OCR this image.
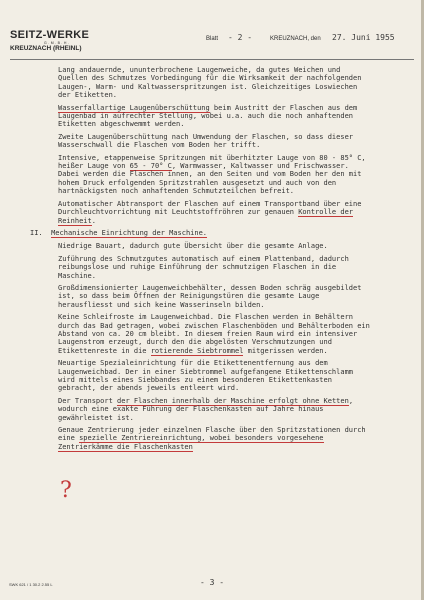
SEITZ-WERKE
G.M.B.H.
KREUZNACH (RHEINL)
Blatt - 2 -	KREUZNACH, den 27. Juni 1955

Lang andauernde, ununterbrochene Laugenweiche, da gutes Weichen und Quellen des Schmutzes Vorbedingung für die Wirksamkeit der nachfolgenden Laugen-, Warm- und Kaltwasserspritzungen ist. Gleichzeitiges Loswiechen der Etiketten.

Wasserfallartige Laugenüberschüttung beim Austritt der Flaschen aus dem Laugenbad in aufrechter Stellung, wobei u.a. auch die noch anhaftenden Etiketten abgeschwemmt werden.

Zweite Laugenüberschüttung nach Umwendung der Flaschen, so dass dieser Wasserschwall die Flaschen vom Boden her trifft.

Intensive, etappenweise Spritzungen mit überhitzter Lauge von 80 - 85° C, heißer Lauge von 65 - 70° C, Warmwasser, Kaltwasser und Frischwasser. Dabei werden die Flaschen innen, an den Seiten und vom Boden her den mit hohem Druck erfolgenden Spritzstrahlen ausgesetzt und auch von den hartnäckigsten noch anhaftenden Schmutzteilchen befreit.

Automatischer Abtransport der Flaschen auf einem Transportband über eine Durchleuchtvorrichtung mit Leuchtstoffröhren zur genauen Kontrolle der Reinheit.

II. Mechanische Einrichtung der Maschine.

Niedrige Bauart, dadurch gute Übersicht über die gesamte Anlage.

Zuführung des Schmutzgutes automatisch auf einem Plattenband, dadurch reibungslose und ruhige Einführung der schmutzigen Flaschen in die Maschine.

Großdimensionierter Laugenweichbehälter, dessen Boden schräg ausgebildet ist, so dass beim Öffnen der Reinigungstüren die gesamte Lauge herausfliesst und sich keine Wasserinseln bilden.

Keine Schleifroste im Laugenweichbad. Die Flaschen werden in Behältern durch das Bad getragen, wobei zwischen Flaschenböden und Behälterboden ein Abstand von ca. 20 cm bleibt. In diesem freien Raum wird ein intensiver Laugenstrom erzeugt, durch den die abgelösten Verschmutzungen und Etikettenreste in die rotierende Siebtrommel mitgerissen werden.

Neuartige Spezialeinrichtung für die Etikettenentfernung aus dem Laugenweichbad. Der in einer Siebtrommel aufgefangene Etikettenschlamm wird mittels eines Siebbandes zu einem besonderen Etikettenkasten gebracht, der abends jeweils entleert wird.

Der Transport der Flaschen innerhalb der Maschine erfolgt ohne Ketten, wodurch eine exakte Führung der Flaschenkasten auf Jahre hinaus gewährleistet ist.

Genaue Zentrierung jeder einzelnen Flasche über den Spritzstationen durch eine spezielle Zentriereinrichtung, wobei besonders vorgesehene Zentrierkämme die Flaschenkasten

?
SWK 621 / 1 30.2 2.55 L	- 3 -
